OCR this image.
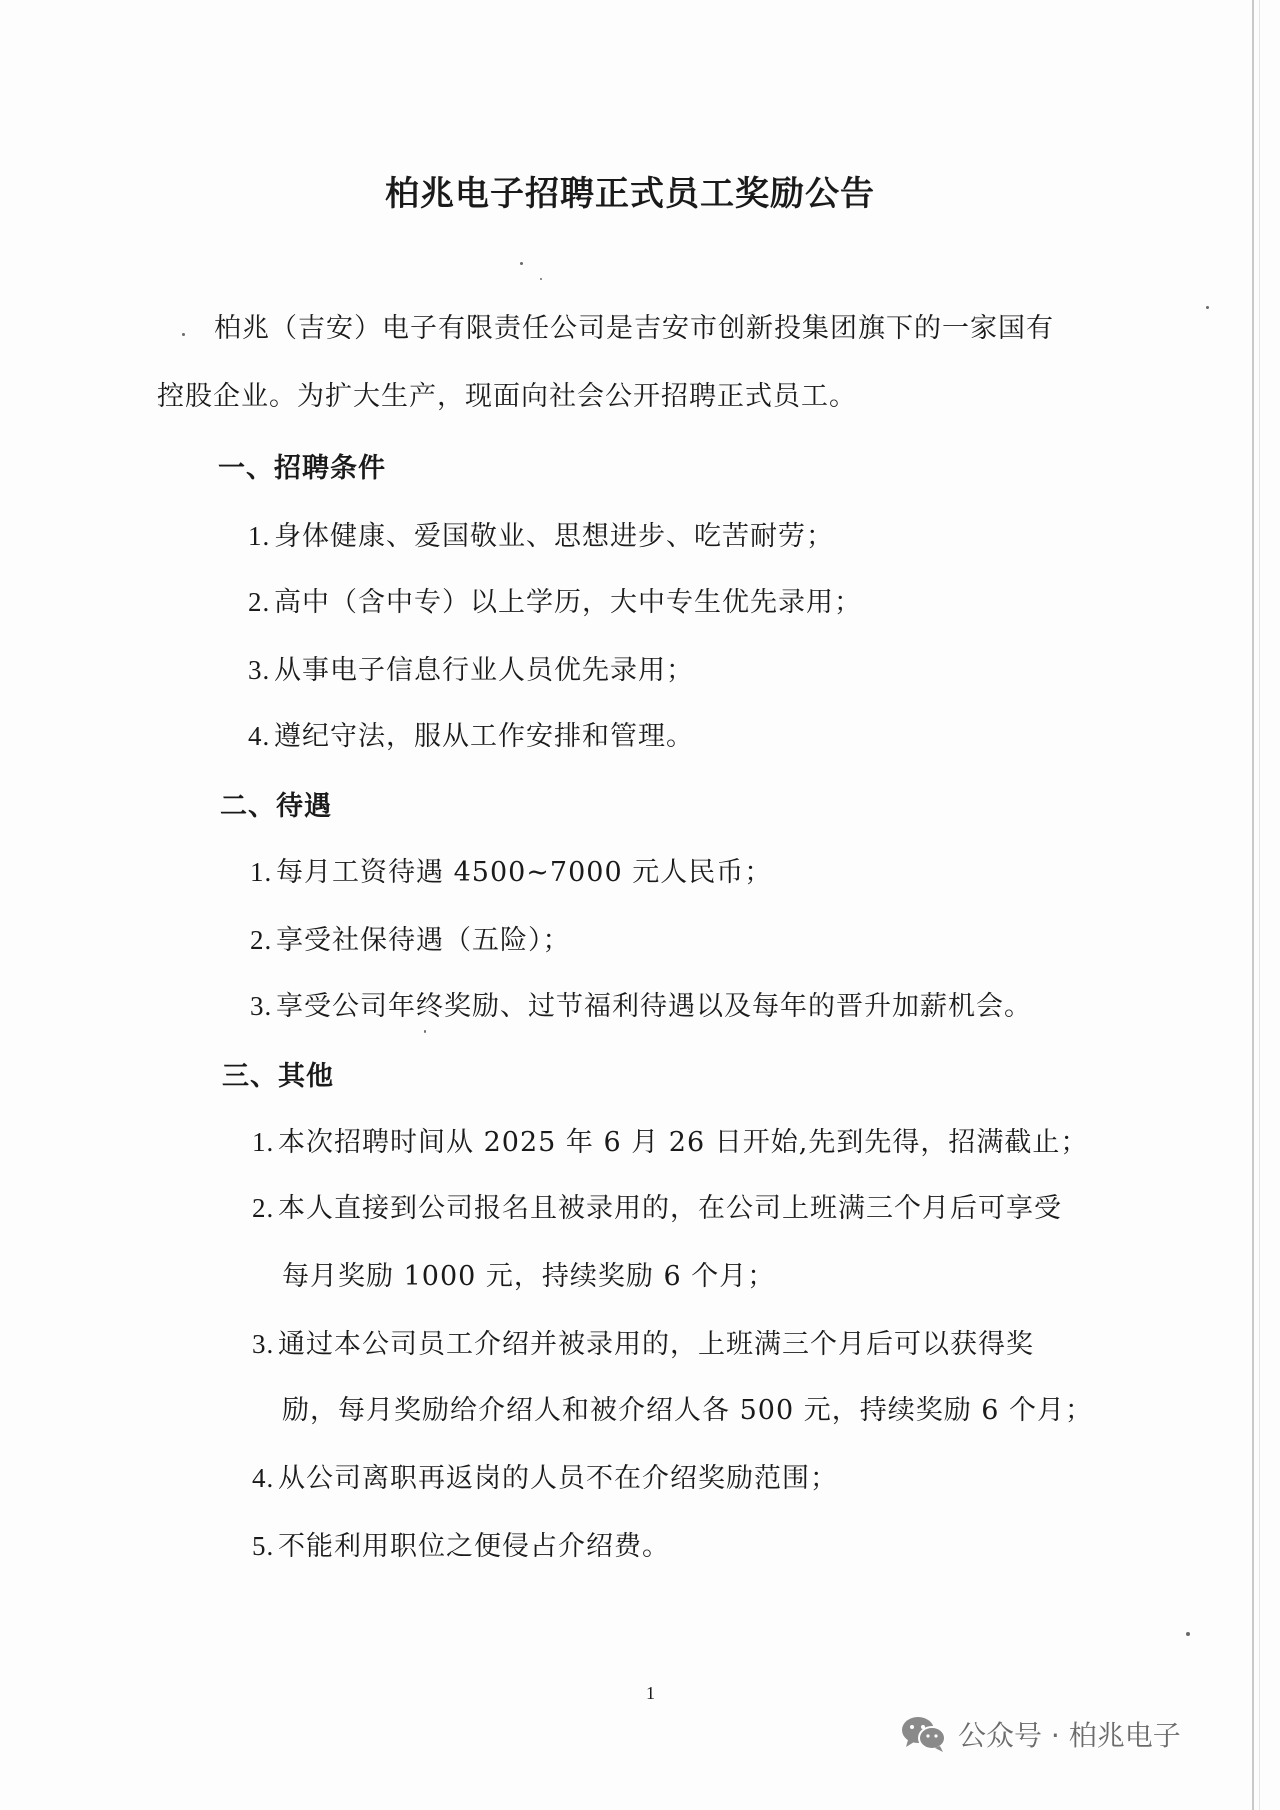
柏兆电子招聘正式员工奖励公告
柏兆（吉安）电子有限责任公司是吉安市创新投集团旗下的一家国有
控股企业。为扩大生产，现面向社会公开招聘正式员工。
一、招聘条件
1. 身体健康、爱国敬业、思想进步、吃苦耐劳；
2. 高中（含中专）以上学历，大中专生优先录用；
3. 从事电子信息行业人员优先录用；
4. 遵纪守法，服从工作安排和管理。
二、待遇
1. 每月工资待遇 4500~7000 元人民币；
2. 享受社保待遇（五险）；
3. 享受公司年终奖励、过节福利待遇以及每年的晋升加薪机会。
三、其他
1. 本次招聘时间从 2025 年 6 月 26 日开始,先到先得，招满截止；
2. 本人直接到公司报名且被录用的，在公司上班满三个月后可享受
每月奖励 1000 元，持续奖励 6 个月；
3. 通过本公司员工介绍并被录用的，上班满三个月后可以获得奖
励，每月奖励给介绍人和被介绍人各 500 元，持续奖励 6 个月；
4. 从公司离职再返岗的人员不在介绍奖励范围；
5. 不能利用职位之便侵占介绍费。
1
公众号 · 柏兆电子
